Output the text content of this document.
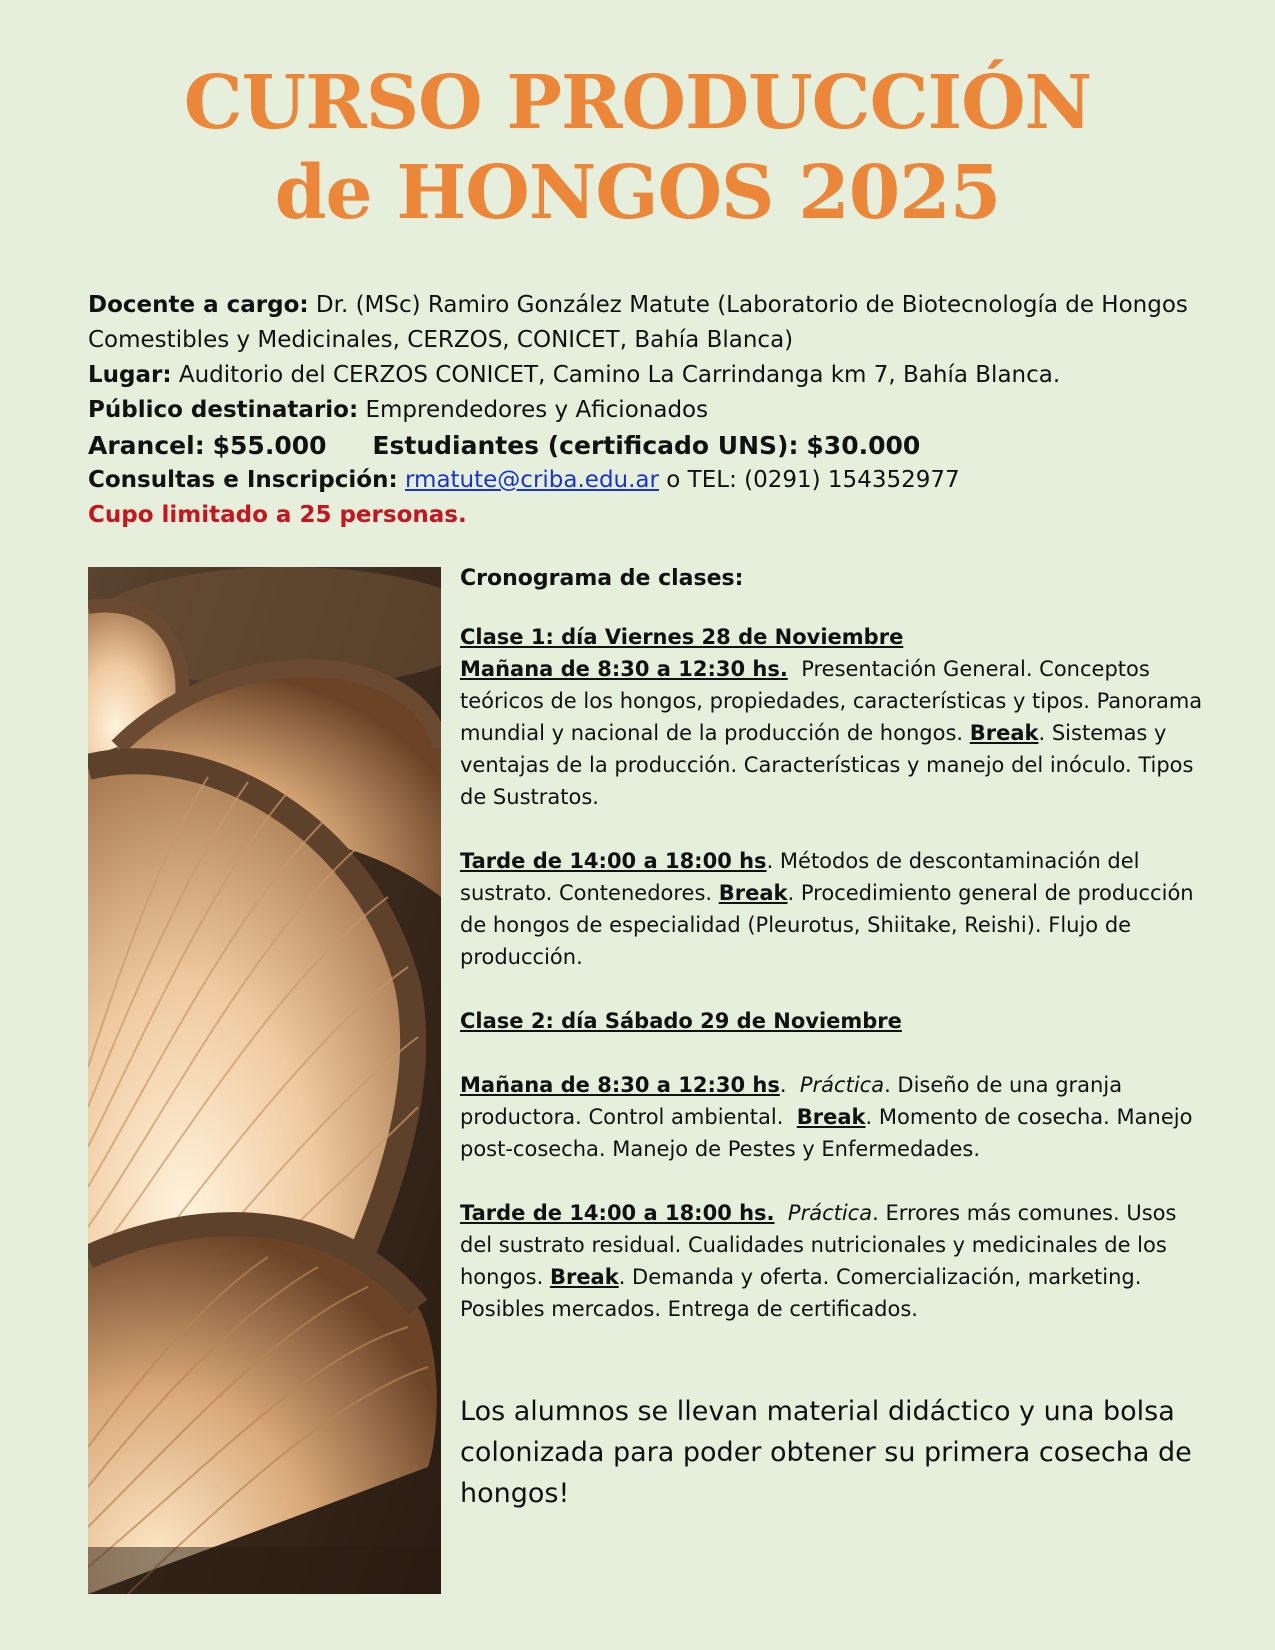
CURSO PRODUCCIÓN
de HONGOS 2025
Docente a cargo: Dr. (MSc) Ramiro González Matute (Laboratorio de Biotecnología de Hongos
Comestibles y Medicinales, CERZOS, CONICET, Bahía Blanca)
Lugar: Auditorio del CERZOS CONICET, Camino La Carrindanga km 7, Bahía Blanca.
Público destinatario: Emprendedores y Aficionados
Arancel: $55.000 Estudiantes (certificado UNS): $30.000
Consultas e Inscripción: rmatute@criba.edu.ar o TEL: (0291) 154352977
Cupo limitado a 25 personas.
Cronograma de clases:
Clase 1: día Viernes 28 de Noviembre

Mañana de 8:30 a 12:30 hs. Presentación General. Conceptos teóricos de los hongos, propiedades, características y tipos. Panorama mundial y nacional de la producción de hongos. Break. Sistemas y ventajas de la producción. Características y manejo del inóculo. Tipos de Sustratos.

Tarde de 14:00 a 18:00 hs. Métodos de descontaminación del sustrato. Contenedores. Break. Procedimiento general de producción de hongos de especialidad (Pleurotus, Shiitake, Reishi). Flujo de producción.

Clase 2: día Sábado 29 de Noviembre

Mañana de 8:30 a 12:30 hs.  Práctica. Diseño de una granja productora. Control ambiental. Break. Momento de cosecha. Manejo post-cosecha. Manejo de Pestes y Enfermedades.

Tarde de 14:00 a 18:00 hs. Práctica. Errores más comunes. Usos del sustrato residual. Cualidades nutricionales y medicinales de los hongos. Break. Demanda y oferta. Comercialización, marketing. Posibles mercados. Entrega de certificados.

Los alumnos se llevan material didáctico y una bolsa colonizada para poder obtener su primera cosecha de hongos!
